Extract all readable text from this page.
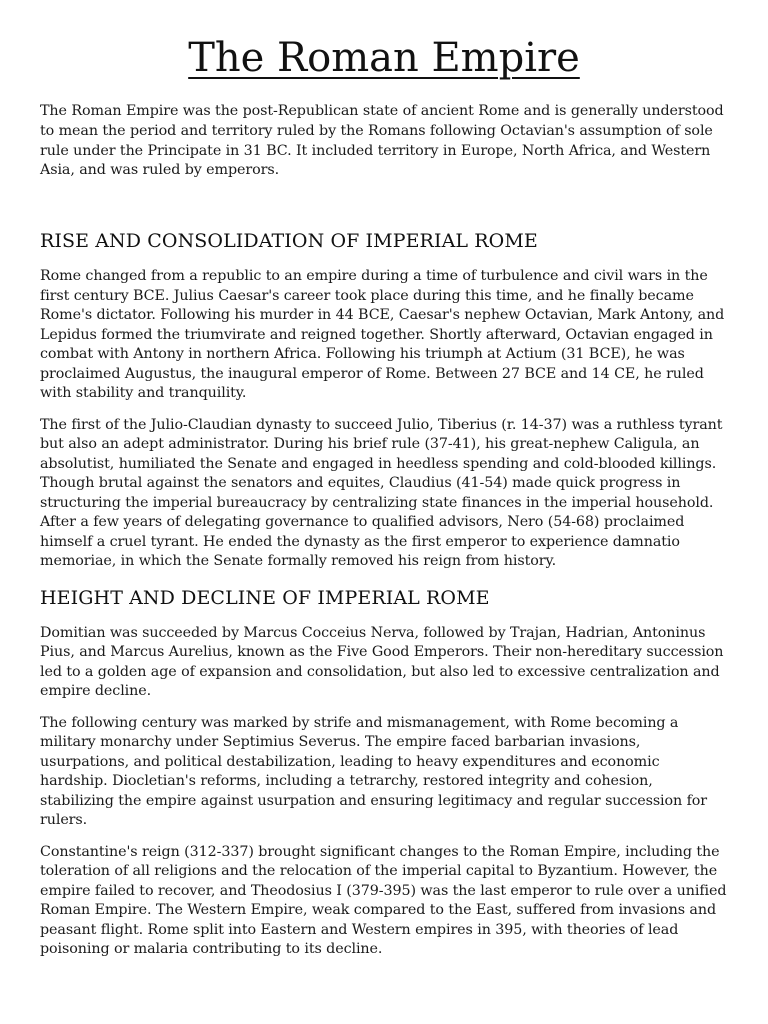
The Roman Empire

The Roman Empire was the post-Republican state of ancient Rome and is generally understood to mean the period and territory ruled by the Romans following Octavian's assumption of sole rule under the Principate in 31 BC. It included territory in Europe, North Africa, and Western Asia, and was ruled by emperors.

RISE AND CONSOLIDATION OF IMPERIAL ROME

Rome changed from a republic to an empire during a time of turbulence and civil wars in the first century BCE. Julius Caesar's career took place during this time, and he finally became Rome's dictator. Following his murder in 44 BCE, Caesar's nephew Octavian, Mark Antony, and Lepidus formed the triumvirate and reigned together. Shortly afterward, Octavian engaged in combat with Antony in northern Africa. Following his triumph at Actium (31 BCE), he was proclaimed Augustus, the inaugural emperor of Rome. Between 27 BCE and 14 CE, he ruled with stability and tranquility.

The first of the Julio-Claudian dynasty to succeed Julio, Tiberius (r. 14-37) was a ruthless tyrant but also an adept administrator. During his brief rule (37-41), his great-nephew Caligula, an absolutist, humiliated the Senate and engaged in heedless spending and cold-blooded killings. Though brutal against the senators and equites, Claudius (41-54) made quick progress in structuring the imperial bureaucracy by centralizing state finances in the imperial household. After a few years of delegating governance to qualified advisors, Nero (54-68) proclaimed himself a cruel tyrant. He ended the dynasty as the first emperor to experience damnatio memoriae, in which the Senate formally removed his reign from history.

HEIGHT AND DECLINE OF IMPERIAL ROME

Domitian was succeeded by Marcus Cocceius Nerva, followed by Trajan, Hadrian, Antoninus Pius, and Marcus Aurelius, known as the Five Good Emperors. Their non-hereditary succession led to a golden age of expansion and consolidation, but also led to excessive centralization and empire decline.

The following century was marked by strife and mismanagement, with Rome becoming a military monarchy under Septimius Severus. The empire faced barbarian invasions, usurpations, and political destabilization, leading to heavy expenditures and economic hardship. Diocletian's reforms, including a tetrarchy, restored integrity and cohesion, stabilizing the empire against usurpation and ensuring legitimacy and regular succession for rulers.

Constantine's reign (312-337) brought significant changes to the Roman Empire, including the toleration of all religions and the relocation of the imperial capital to Byzantium. However, the empire failed to recover, and Theodosius I (379-395) was the last emperor to rule over a unified Roman Empire. The Western Empire, weak compared to the East, suffered from invasions and peasant flight. Rome split into Eastern and Western empires in 395, with theories of lead poisoning or malaria contributing to its decline.
